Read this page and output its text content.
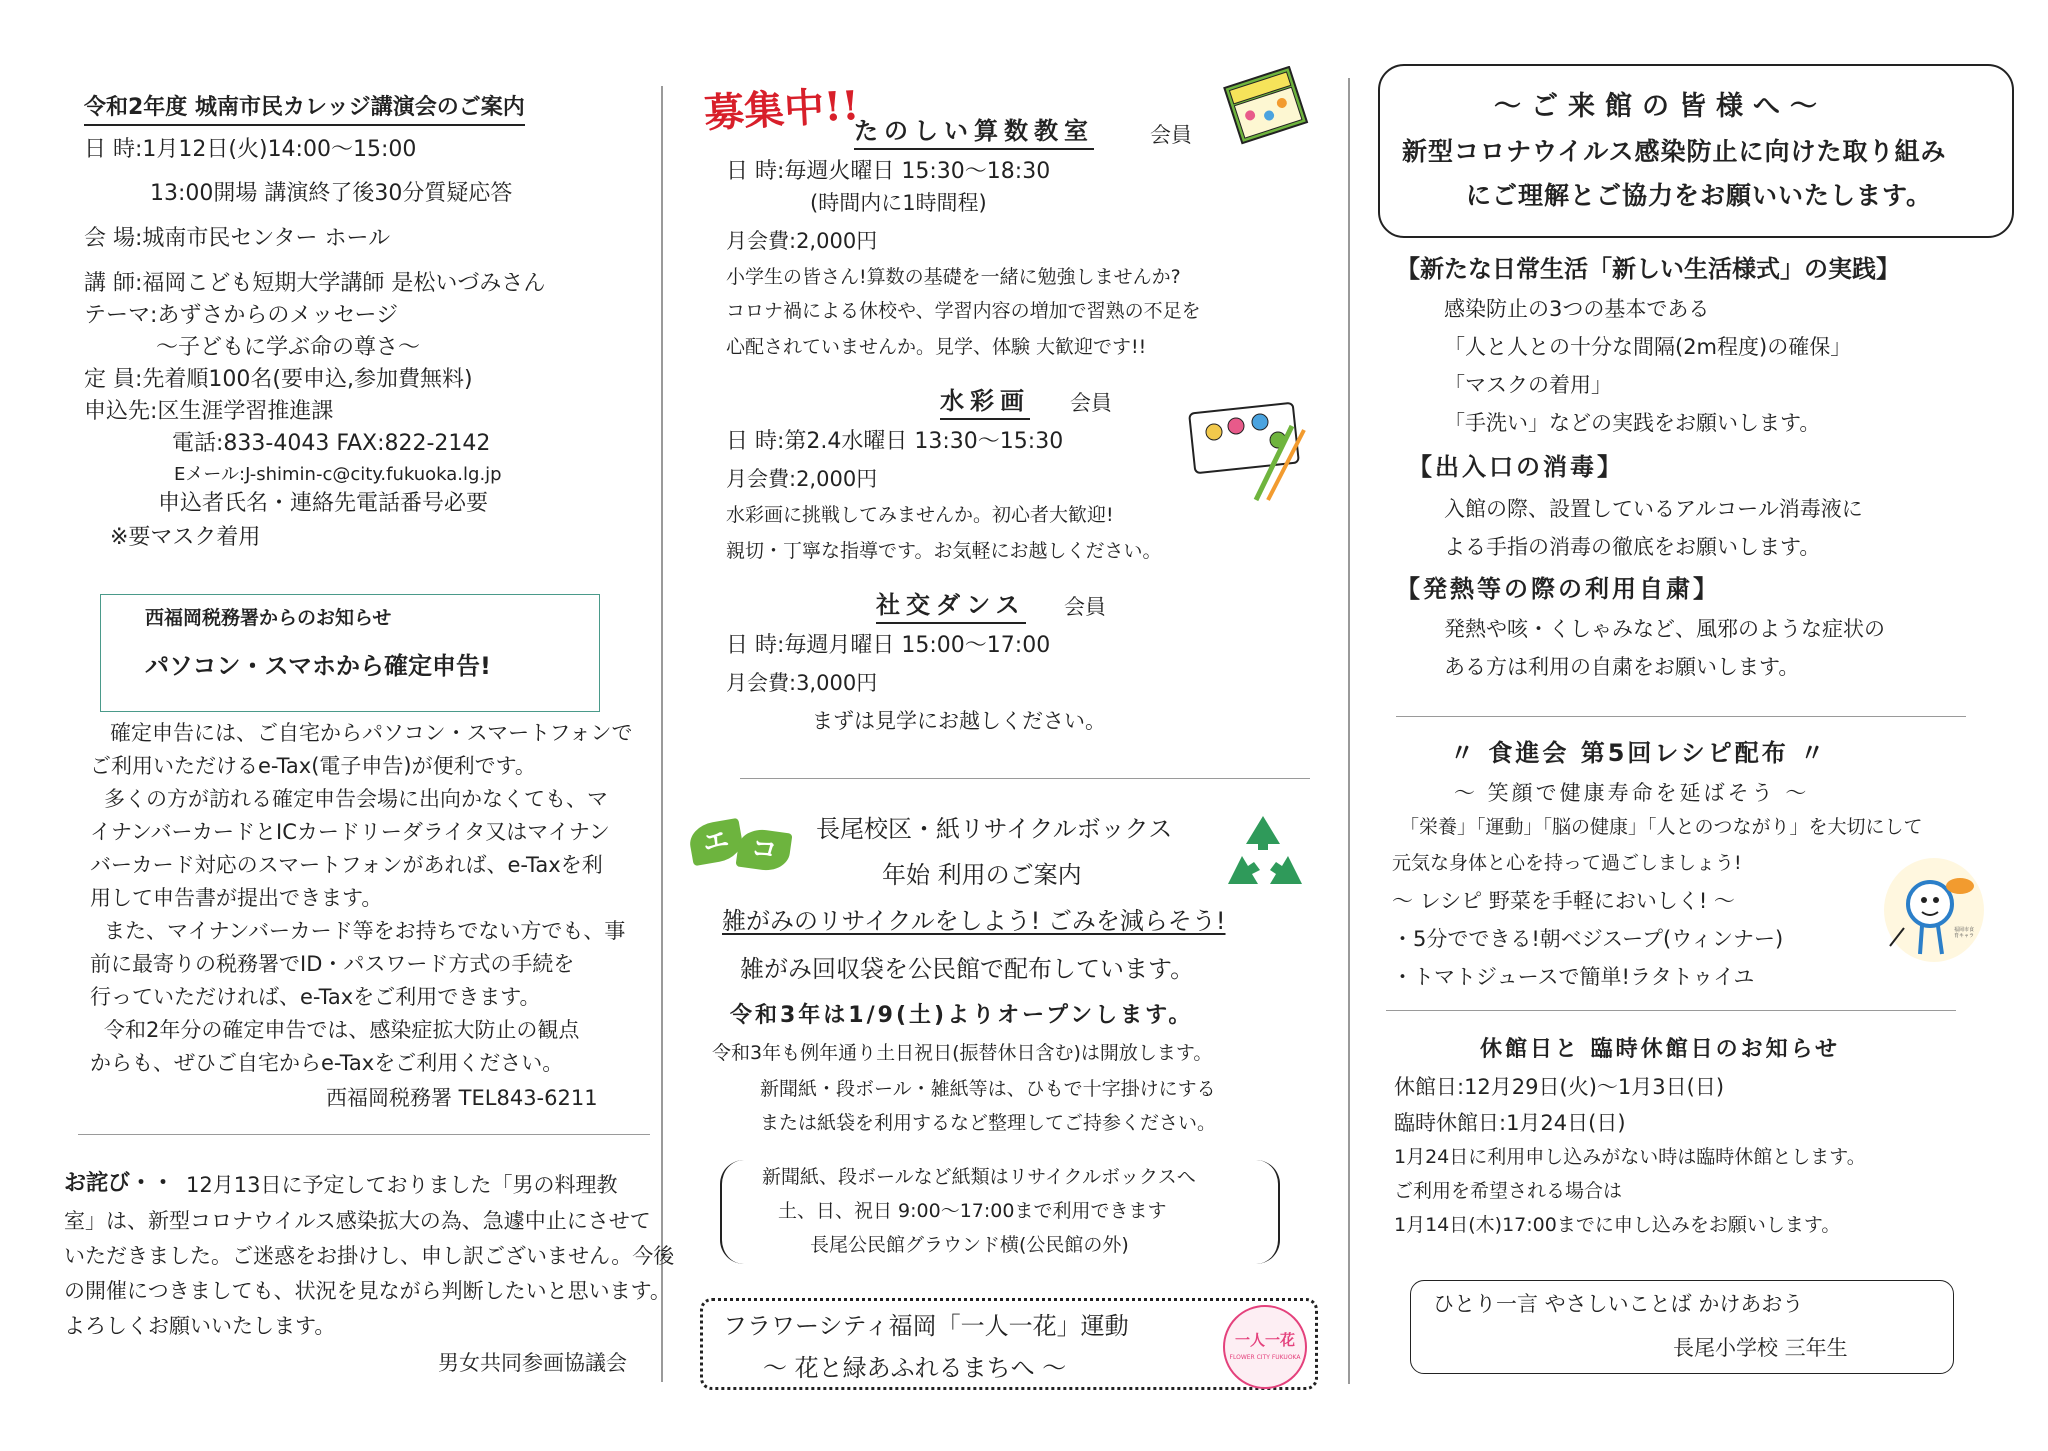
令和2年度 城南市民カレッジ講演会のご案内
日 時:1月12日(火)14:00〜15:00
13:00開場 講演終了後30分質疑応答
会 場:城南市民センター ホール
講 師:福岡こども短期大学講師 是松いづみさん
テーマ:あずさからのメッセージ
〜子どもに学ぶ命の尊さ〜
定 員:先着順100名(要申込,参加費無料)
申込先:区生涯学習推進課
電話:833-4043 FAX:822-2142
Eメール:J-shimin-c@city.fukuoka.lg.jp
申込者氏名・連絡先電話番号必要
※要マスク着用
西福岡税務署からのお知らせ
パソコン・スマホから確定申告!
確定申告には、ご自宅からパソコン・スマートフォンで
ご利用いただけるe-Tax(電子申告)が便利です。
多くの方が訪れる確定申告会場に出向かなくても、マ
イナンバーカードとICカードリーダライタ又はマイナン
バーカード対応のスマートフォンがあれば、e-Taxを利
用して申告書が提出できます。
また、マイナンバーカード等をお持ちでない方でも、事
前に最寄りの税務署でID・パスワード方式の手続を
行っていただければ、e-Taxをご利用できます。
令和2年分の確定申告では、感染症拡大防止の観点
からも、ぜひご自宅からe-Taxをご利用ください。
西福岡税務署 TEL843-6211
お詫び・・ 12月13日に予定しておりました「男の料理教
室」は、新型コロナウイルス感染拡大の為、急遽中止にさせて
いただきました。ご迷惑をお掛けし、申し訳ございません。今後
の開催につきましても、状況を見ながら判断したいと思います。
よろしくお願いいたします。
男女共同参画協議会
募集中!!
たのしい算数教室	会員
日 時:毎週火曜日 15:30〜18:30
(時間内に1時間程)
月会費:2,000円
小学生の皆さん!算数の基礎を一緒に勉強しませんか?
コロナ禍による休校や、学習内容の増加で習熟の不足を
心配されていませんか。見学、体験 大歓迎です!!
水彩画 会員
日 時:第2.4水曜日 13:30〜15:30
月会費:2,000円
水彩画に挑戦してみませんか。初心者大歓迎!
親切・丁寧な指導です。お気軽にお越しください。
社交ダンス 会員
日 時:毎週月曜日 15:00〜17:00
月会費:3,000円
まずは見学にお越しください。
エ コ
長尾校区・紙リサイクルボックス
年始 利用のご案内
雑がみのリサイクルをしよう! ごみを減らそう!
雑がみ回収袋を公民館で配布しています。
令和3年は1/9(土)よりオープンします。
令和3年も例年通り土日祝日(振替休日含む)は開放します。
新聞紙・段ボール・雑紙等は、ひもで十字掛けにする
または紙袋を利用するなど整理してご持参ください。
新聞紙、段ボールなど紙類はリサイクルボックスへ
土、日、祝日 9:00〜17:00まで利用できます
長尾公民館グラウンド横(公民館の外)
フラワーシティ福岡「一人一花」運動
〜 花と緑あふれるまちへ 〜
一人一花
FLOWER CITY FUKUOKA
〜ご来館の皆様へ〜
新型コロナウイルス感染防止に向けた取り組み
にご理解とご協力をお願いいたします。
【新たな日常生活「新しい生活様式」の実践】
感染防止の3つの基本である
「人と人との十分な間隔(2m程度)の確保」
「マスクの着用」
「手洗い」などの実践をお願いします。
【出入口の消毒】
入館の際、設置しているアルコール消毒液に
よる手指の消毒の徹底をお願いします。
【発熱等の際の利用自粛】
発熱や咳・くしゃみなど、風邪のような症状の
ある方は利用の自粛をお願いします。
〃 食進会 第5回レシピ配布 〃
〜 笑顔で健康寿命を延ばそう 〜
「栄養」「運動」「脳の健康」「人とのつながり」を大切にして
元気な身体と心を持って過ごしましょう!
〜 レシピ 野菜を手軽においしく! 〜
・5分でできる!朝ベジスープ(ウィンナー)
・トマトジュースで簡単!ラタトゥイユ
福岡市食育キャラ
休館日と 臨時休館日のお知らせ
休館日:12月29日(火)〜1月3日(日)
臨時休館日:1月24日(日)
1月24日に利用申し込みがない時は臨時休館とします。
ご利用を希望される場合は
1月14日(木)17:00までに申し込みをお願いします。
ひとり一言 やさしいことば かけあおう
長尾小学校 三年生
